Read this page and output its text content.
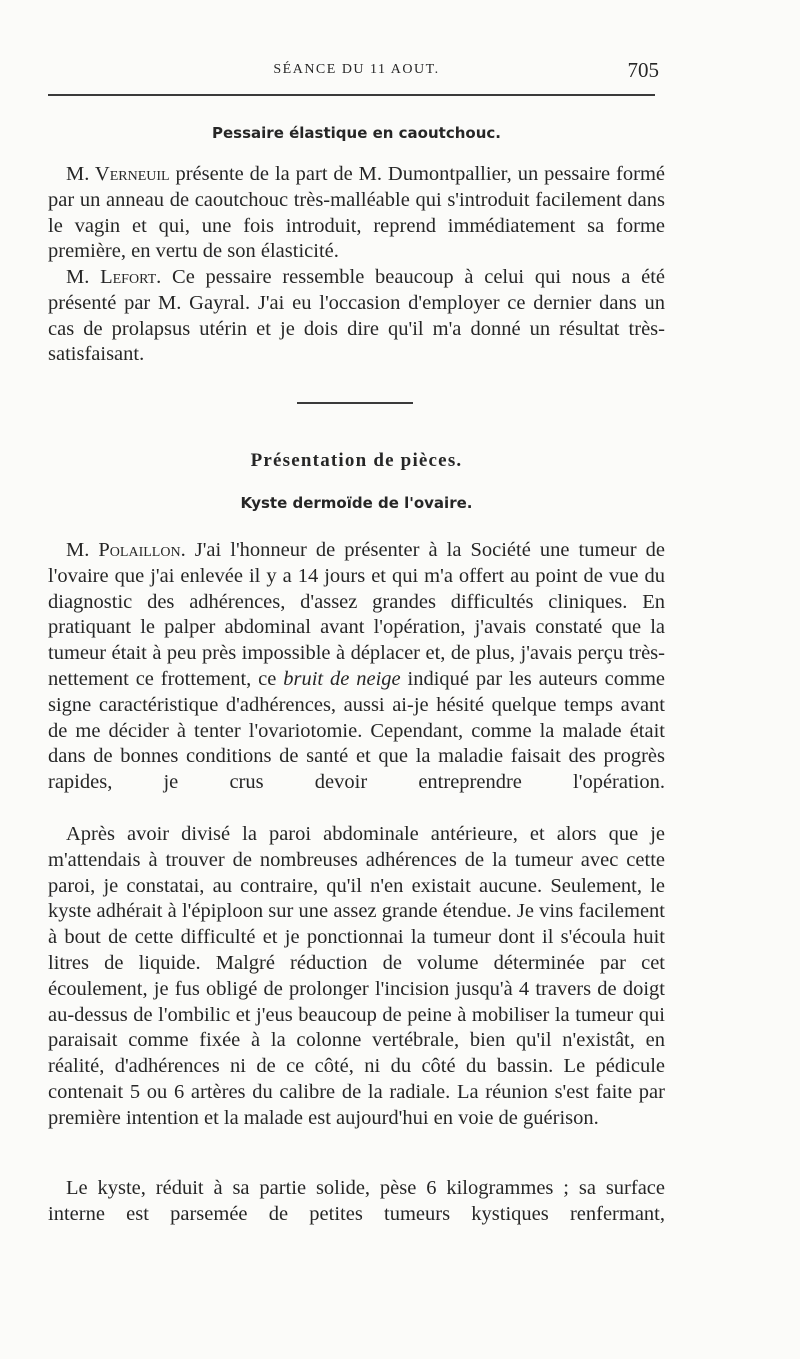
SÉANCE DU 11 AOUT.	705
Pessaire élastique en caoutchouc.

M. Verneuil présente de la part de M. Dumontpallier, un pessaire formé par un anneau de caoutchouc très-malléable qui s'introduit facilement dans le vagin et qui, une fois introduit, reprend immédiatement sa forme première, en vertu de son élasticité.

M. Lefort. Ce pessaire ressemble beaucoup à celui qui nous a été présenté par M. Gayral. J'ai eu l'occasion d'employer ce dernier dans un cas de prolapsus utérin et je dois dire qu'il m'a donné un résultat très-satisfaisant.

Présentation de pièces.
Kyste dermoïde de l'ovaire.

M. Polaillon. J'ai l'honneur de présenter à la Société une tumeur de l'ovaire que j'ai enlevée il y a 14 jours et qui m'a offert au point de vue du diagnostic des adhérences, d'assez grandes difficultés cliniques. En pratiquant le palper abdominal avant l'opération, j'avais constaté que la tumeur était à peu près impossible à déplacer et, de plus, j'avais perçu très-nettement ce frottement, ce bruit de neige indiqué par les auteurs comme signe caractéristique d'adhérences, aussi ai-je hésité quelque temps avant de me décider à tenter l'ovariotomie. Cependant, comme la malade était dans de bonnes conditions de santé et que la maladie faisait des progrès rapides, je crus devoir entreprendre l'opération.

Après avoir divisé la paroi abdominale antérieure, et alors que je m'attendais à trouver de nombreuses adhérences de la tumeur avec cette paroi, je constatai, au contraire, qu'il n'en existait aucune. Seulement, le kyste adhérait à l'épiploon sur une assez grande étendue. Je vins facilement à bout de cette difficulté et je ponctionnai la tumeur dont il s'écoula huit litres de liquide. Malgré réduction de volume déterminée par cet écoulement, je fus obligé de prolonger l'incision jusqu'à 4 travers de doigt au-dessus de l'ombilic et j'eus beaucoup de peine à mobiliser la tumeur qui paraisait comme fixée à la colonne vertébrale, bien qu'il n'existât, en réalité, d'adhérences ni de ce côté, ni du côté du bassin. Le pédicule contenait 5 ou 6 artères du calibre de la radiale. La réunion s'est faite par première intention et la malade est aujourd'hui en voie de guérison.

Le kyste, réduit à sa partie solide, pèse 6 kilogrammes ; sa surface interne est parsemée de petites tumeurs kystiques renfermant,
